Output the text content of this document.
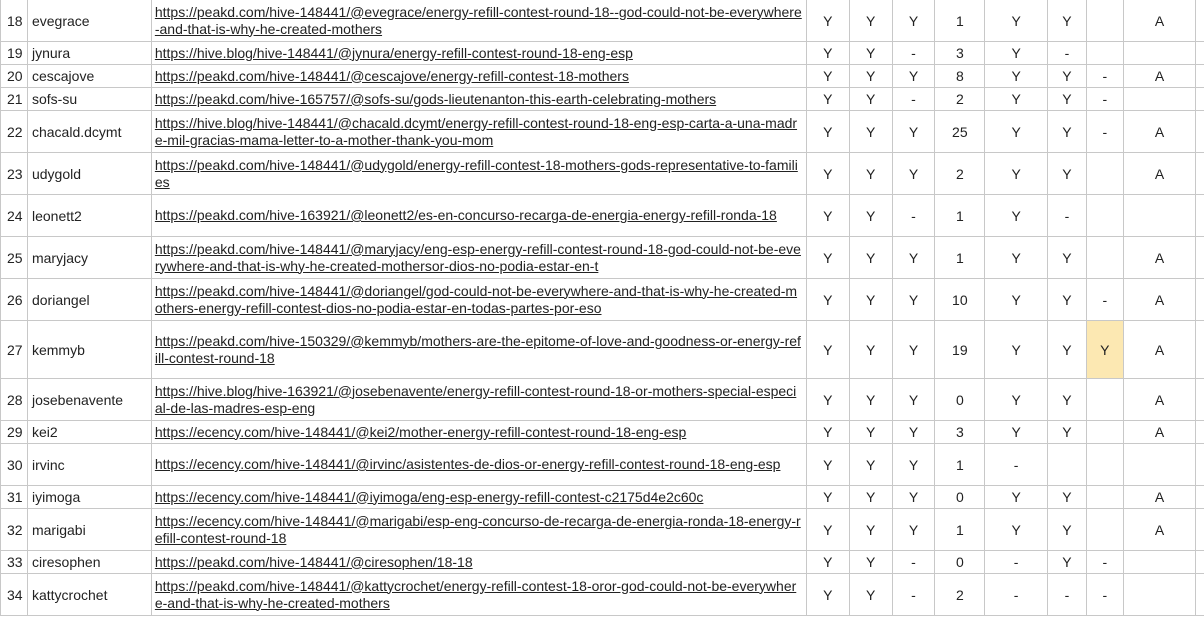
18	evegrace	https://peakd.com/hive-148441/@evegrace/energy-refill-contest-round-18--god-could-not-be-everywhere-and-that-is-why-he-created-mothers	Y	Y	Y	1	Y	Y		A	
19	jynura	https://hive.blog/hive-148441/@jynura/energy-refill-contest-round-18-eng-esp	Y	Y	-	3	Y	-			
20	cescajove	https://peakd.com/hive-148441/@cescajove/energy-refill-contest-18-mothers	Y	Y	Y	8	Y	Y	-	A	
21	sofs-su	https://peakd.com/hive-165757/@sofs-su/gods-lieutenanton-this-earth-celebrating-mothers	Y	Y	-	2	Y	Y	-		
22	chacald.dcymt	https://hive.blog/hive-148441/@chacald.dcymt/energy-refill-contest-round-18-eng-esp-carta-a-una-madre-mil-gracias-mama-letter-to-a-mother-thank-you-mom	Y	Y	Y	25	Y	Y	-	A	
23	udygold	https://peakd.com/hive-148441/@udygold/energy-refill-contest-18-mothers-gods-representative-to-families	Y	Y	Y	2	Y	Y		A	
24	leonett2	https://peakd.com/hive-163921/@leonett2/es-en-concurso-recarga-de-energia-energy-refill-ronda-18	Y	Y	-	1	Y	-			
25	maryjacy	https://peakd.com/hive-148441/@maryjacy/eng-esp-energy-refill-contest-round-18-god-could-not-be-everywhere-and-that-is-why-he-created-mothersor-dios-no-podia-estar-en-t	Y	Y	Y	1	Y	Y		A	
26	doriangel	https://peakd.com/hive-148441/@doriangel/god-could-not-be-everywhere-and-that-is-why-he-created-mothers-energy-refill-contest-dios-no-podia-estar-en-todas-partes-por-eso	Y	Y	Y	10	Y	Y	-	A	
27	kemmyb	https://peakd.com/hive-150329/@kemmyb/mothers-are-the-epitome-of-love-and-goodness-or-energy-refill-contest-round-18	Y	Y	Y	19	Y	Y	Y	A	
28	josebenavente	https://hive.blog/hive-163921/@josebenavente/energy-refill-contest-round-18-or-mothers-special-especial-de-las-madres-esp-eng	Y	Y	Y	0	Y	Y		A	
29	kei2	https://ecency.com/hive-148441/@kei2/mother-energy-refill-contest-round-18-eng-esp	Y	Y	Y	3	Y	Y		A	
30	irvinc	https://ecency.com/hive-148441/@irvinc/asistentes-de-dios-or-energy-refill-contest-round-18-eng-esp	Y	Y	Y	1	-				
31	iyimoga	https://ecency.com/hive-148441/@iyimoga/eng-esp-energy-refill-contest-c2175d4e2c60c	Y	Y	Y	0	Y	Y		A	
32	marigabi	https://ecency.com/hive-148441/@marigabi/esp-eng-concurso-de-recarga-de-energia-ronda-18-energy-refill-contest-round-18	Y	Y	Y	1	Y	Y		A	
33	ciresophen	https://peakd.com/hive-148441/@ciresophen/18-18	Y	Y	-	0	-	Y	-		
34	kattycrochet	https://peakd.com/hive-148441/@kattycrochet/energy-refill-contest-18-oror-god-could-not-be-everywhere-and-that-is-why-he-created-mothers	Y	Y	-	2	-	-	-		
